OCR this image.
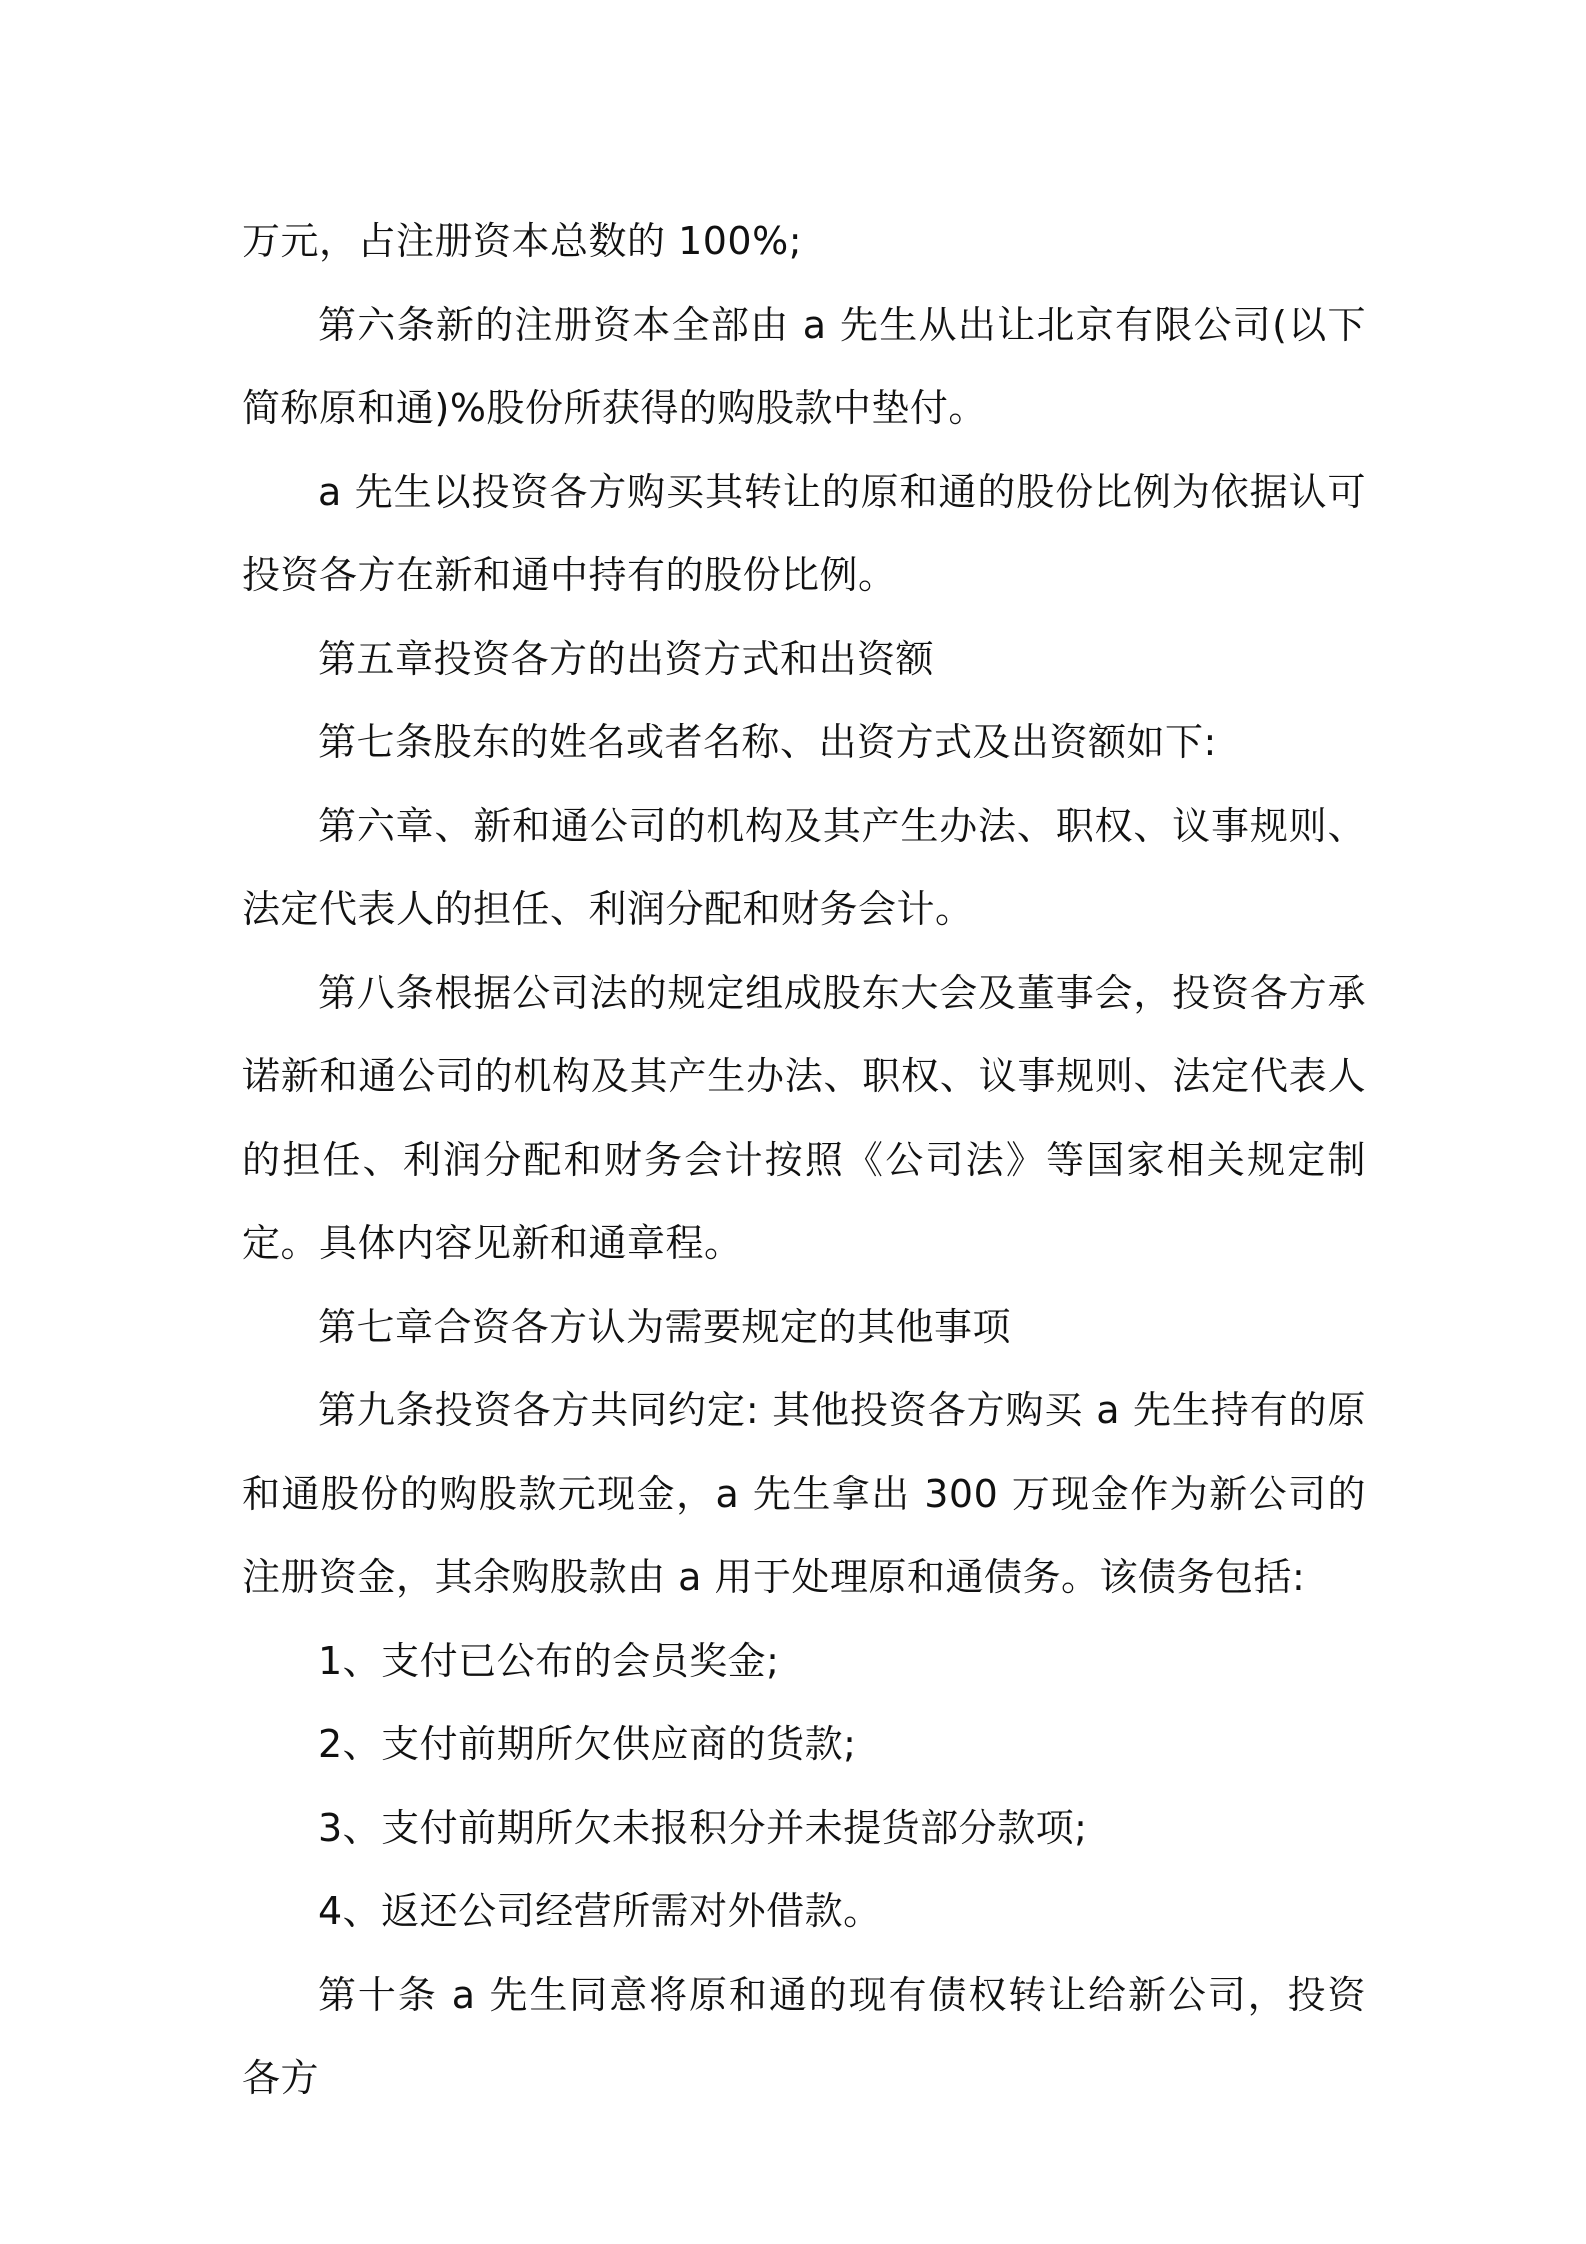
万元，占注册资本总数的 100%;

第六条新的注册资本全部由 a 先生从出让北京有限公司(以下简称原和通)%股份所获得的购股款中垫付。

a 先生以投资各方购买其转让的原和通的股份比例为依据认可投资各方在新和通中持有的股份比例。

第五章投资各方的出资方式和出资额

第七条股东的姓名或者名称、出资方式及出资额如下:

第六章、新和通公司的机构及其产生办法、职权、议事规则、法定代表人的担任、利润分配和财务会计。

第八条根据公司法的规定组成股东大会及董事会，投资各方承诺新和通公司的机构及其产生办法、职权、议事规则、法定代表人的担任、利润分配和财务会计按照《公司法》等国家相关规定制定。具体内容见新和通章程。

第七章合资各方认为需要规定的其他事项

第九条投资各方共同约定: 其他投资各方购买 a 先生持有的原和通股份的购股款元现金，a 先生拿出 300 万现金作为新公司的注册资金，其余购股款由 a 用于处理原和通债务。该债务包括:

1、支付已公布的会员奖金;

2、支付前期所欠供应商的货款;

3、支付前期所欠未报积分并未提货部分款项;

4、返还公司经营所需对外借款。

第十条 a 先生同意将原和通的现有债权转让给新公司，投资各方
